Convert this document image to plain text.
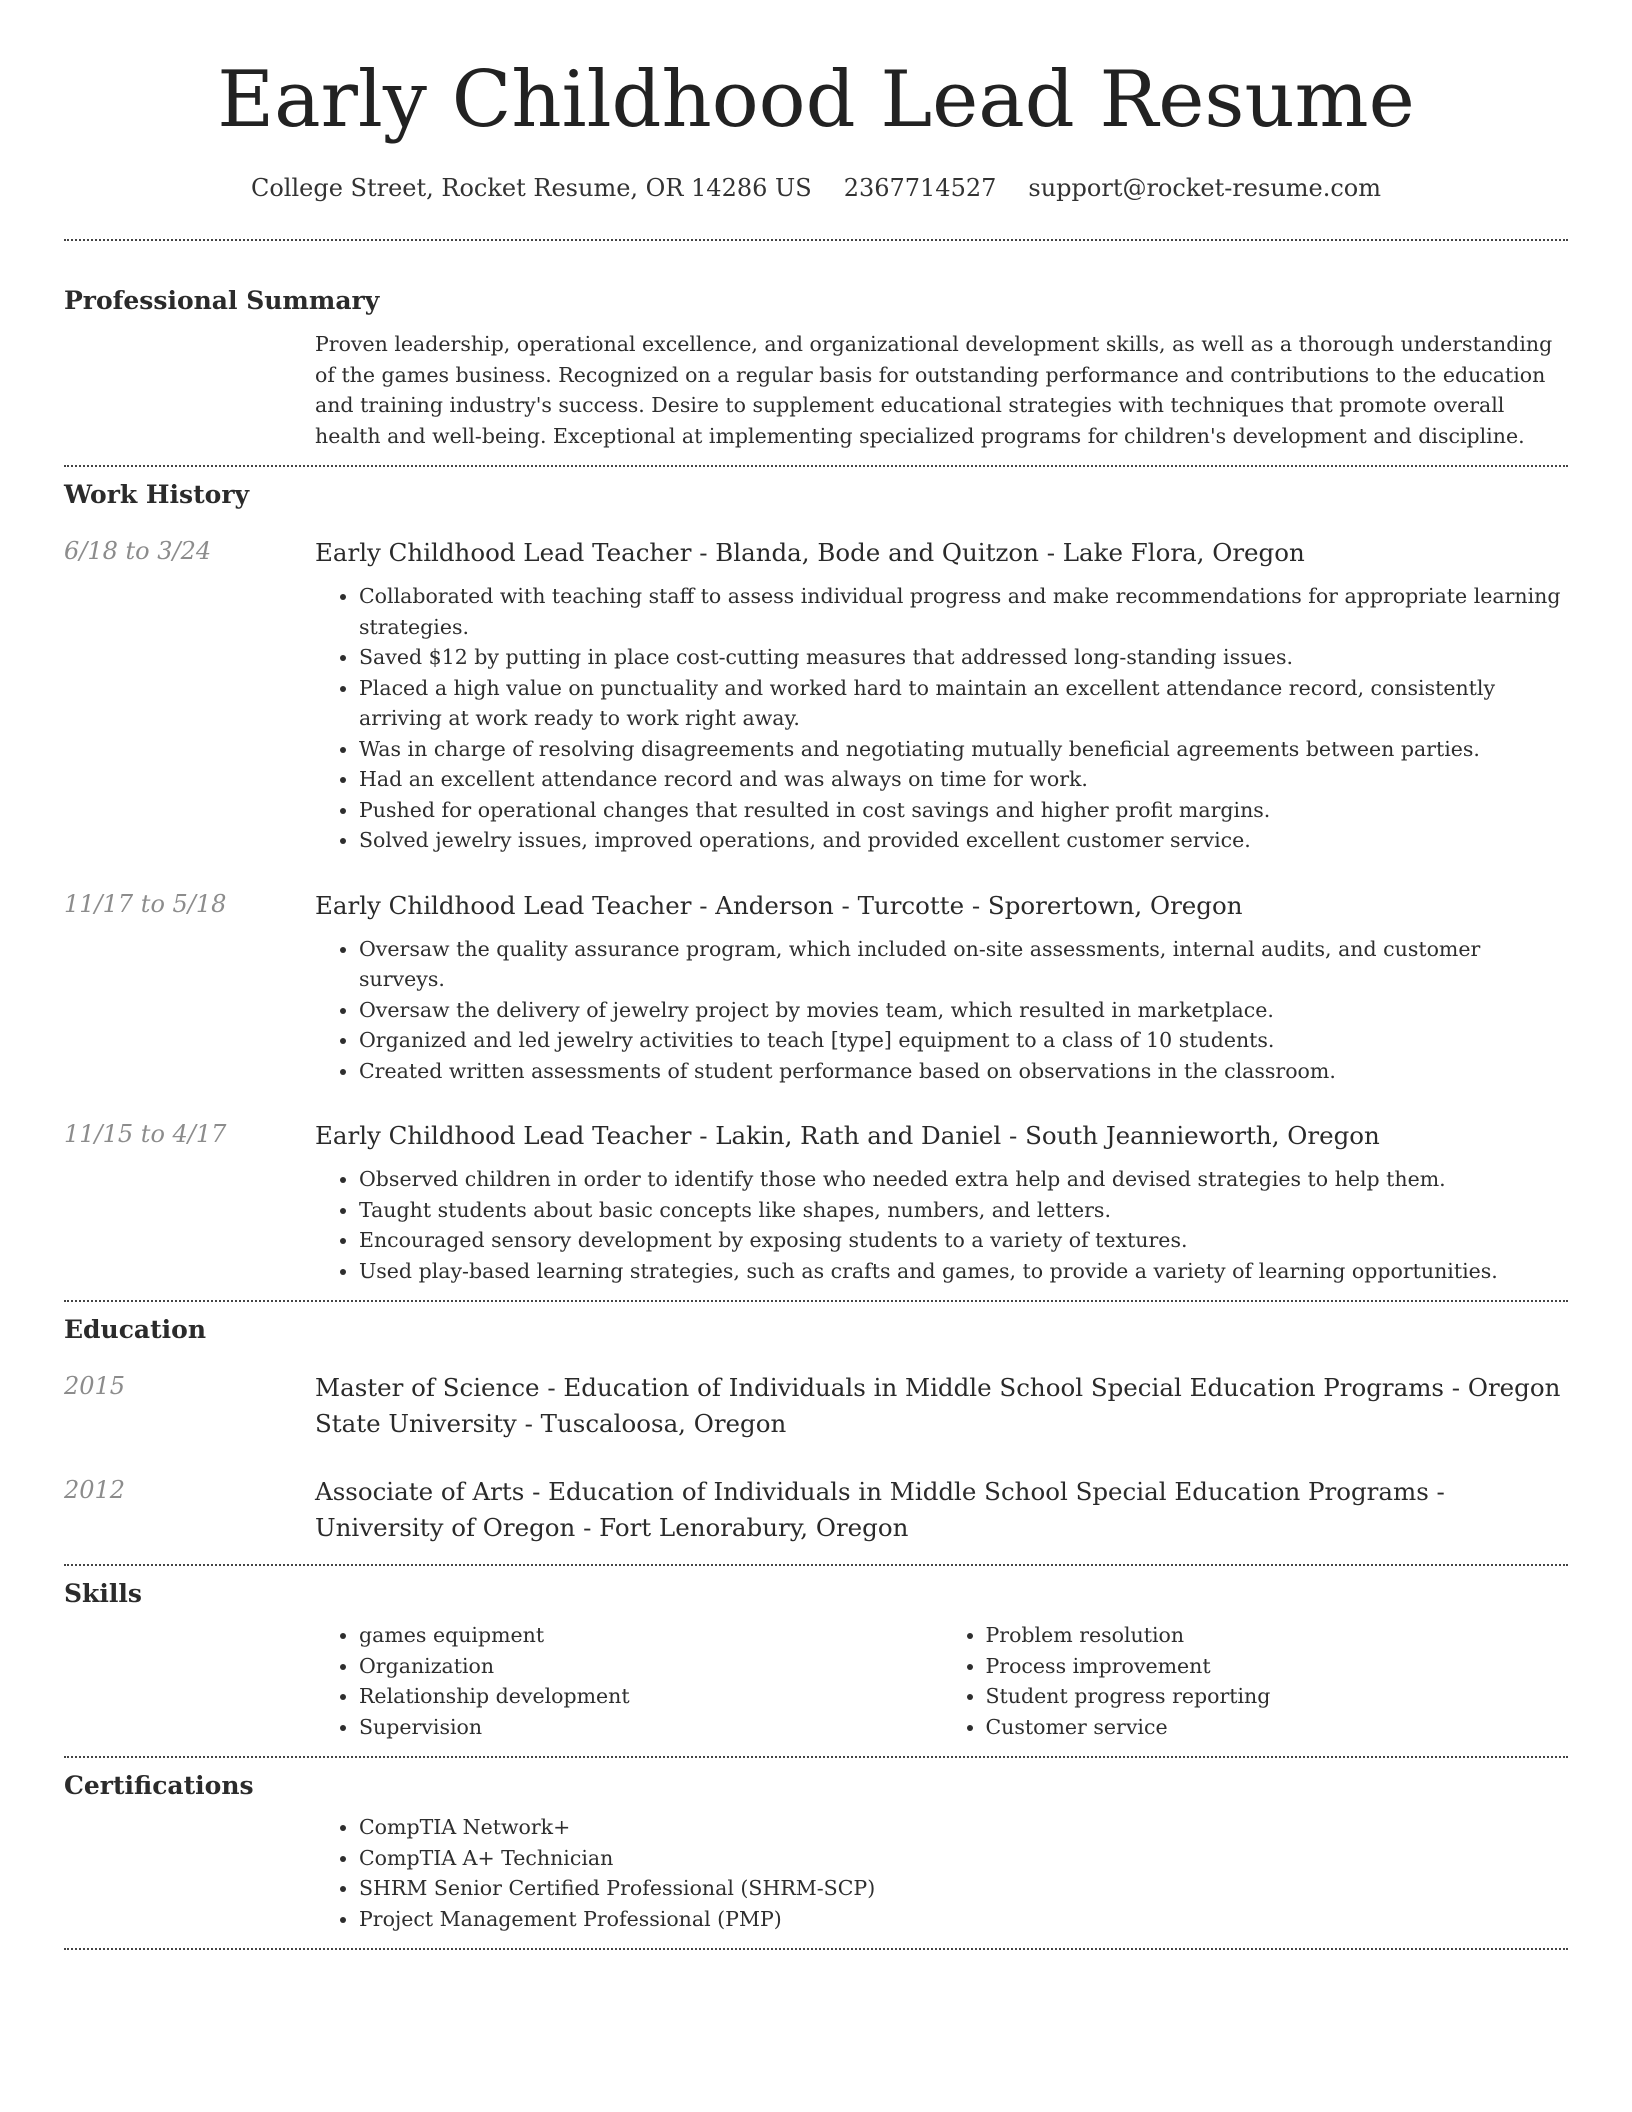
Early Childhood Lead Resume
College Street, Rocket Resume, OR 14286 US 2367714527 support@rocket-resume.com
Professional Summary

Proven leadership, operational excellence, and organizational development skills, as well as a thorough understanding of the games business. Recognized on a regular basis for outstanding performance and contributions to the education and training industry's success. Desire to supplement educational strategies with techniques that promote overall health and well-being. Exceptional at implementing specialized programs for children's development and discipline.

Work History
6/18 to 3/24	Early Childhood Lead Teacher - Blanda, Bode and Quitzon - Lake Flora, Oregon
• Collaborated with teaching staff to assess individual progress and make recommendations for appropriate learning strategies.
• Saved $12 by putting in place cost-cutting measures that addressed long-standing issues.
• Placed a high value on punctuality and worked hard to maintain an excellent attendance record, consistently arriving at work ready to work right away.
• Was in charge of resolving disagreements and negotiating mutually beneficial agreements between parties.
• Had an excellent attendance record and was always on time for work.
• Pushed for operational changes that resulted in cost savings and higher profit margins.
• Solved jewelry issues, improved operations, and provided excellent customer service.
11/17 to 5/18	Early Childhood Lead Teacher - Anderson - Turcotte - Sporertown, Oregon
• Oversaw the quality assurance program, which included on-site assessments, internal audits, and customer surveys.
• Oversaw the delivery of jewelry project by movies team, which resulted in marketplace.
• Organized and led jewelry activities to teach [type] equipment to a class of 10 students.
• Created written assessments of student performance based on observations in the classroom.
11/15 to 4/17	Early Childhood Lead Teacher - Lakin, Rath and Daniel - South Jeannieworth, Oregon
• Observed children in order to identify those who needed extra help and devised strategies to help them.
• Taught students about basic concepts like shapes, numbers, and letters.
• Encouraged sensory development by exposing students to a variety of textures.
• Used play-based learning strategies, such as crafts and games, to provide a variety of learning opportunities.
Education
2015	Master of Science - Education of Individuals in Middle School Special Education Programs - Oregon State University - Tuscaloosa, Oregon
2012	Associate of Arts - Education of Individuals in Middle School Special Education Programs - University of Oregon - Fort Lenorabury, Oregon
Skills
• games equipment
• Organization
• Relationship development
• Supervision
• Problem resolution
• Process improvement
• Student progress reporting
• Customer service
Certifications
• CompTIA Network+
• CompTIA A+ Technician
• SHRM Senior Certified Professional (SHRM-SCP)
• Project Management Professional (PMP)
